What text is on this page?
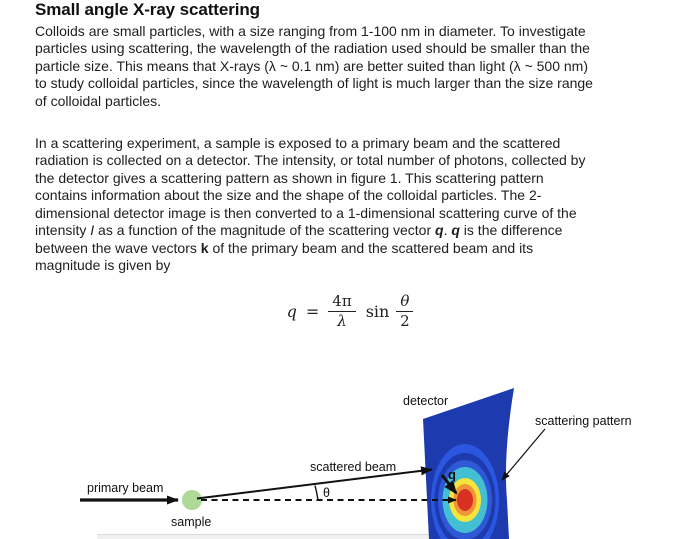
Small angle X-ray scattering
Colloids are small particles, with a size ranging from 1-100 nm in diameter. To investigate
particles using scattering, the wavelength of the radiation used should be smaller than the
particle size. This means that X-rays (λ ~ 0.1 nm) are better suited than light (λ ~ 500 nm)
to study colloidal particles, since the wavelength of light is much larger than the size range
of colloidal particles.
In a scattering experiment, a sample is exposed to a primary beam and the scattered
radiation is collected on a detector. The intensity, or total number of photons, collected by
the detector gives a scattering pattern as shown in figure 1. This scattering pattern
contains information about the size and the shape of the colloidal particles. The 2-
dimensional detector image is then converted to a 1-dimensional scattering curve of the
intensity I as a function of the magnitude of the scattering vector q. q is the difference
between the wave vectors k of the primary beam and the scattered beam and its
magnitude is given by
$q = \frac{4\pi}{\lambda}$ $\sin \frac{\theta}{2}$
detector
scattering pattern
scattered beam
primary beam
sample
θ
q
